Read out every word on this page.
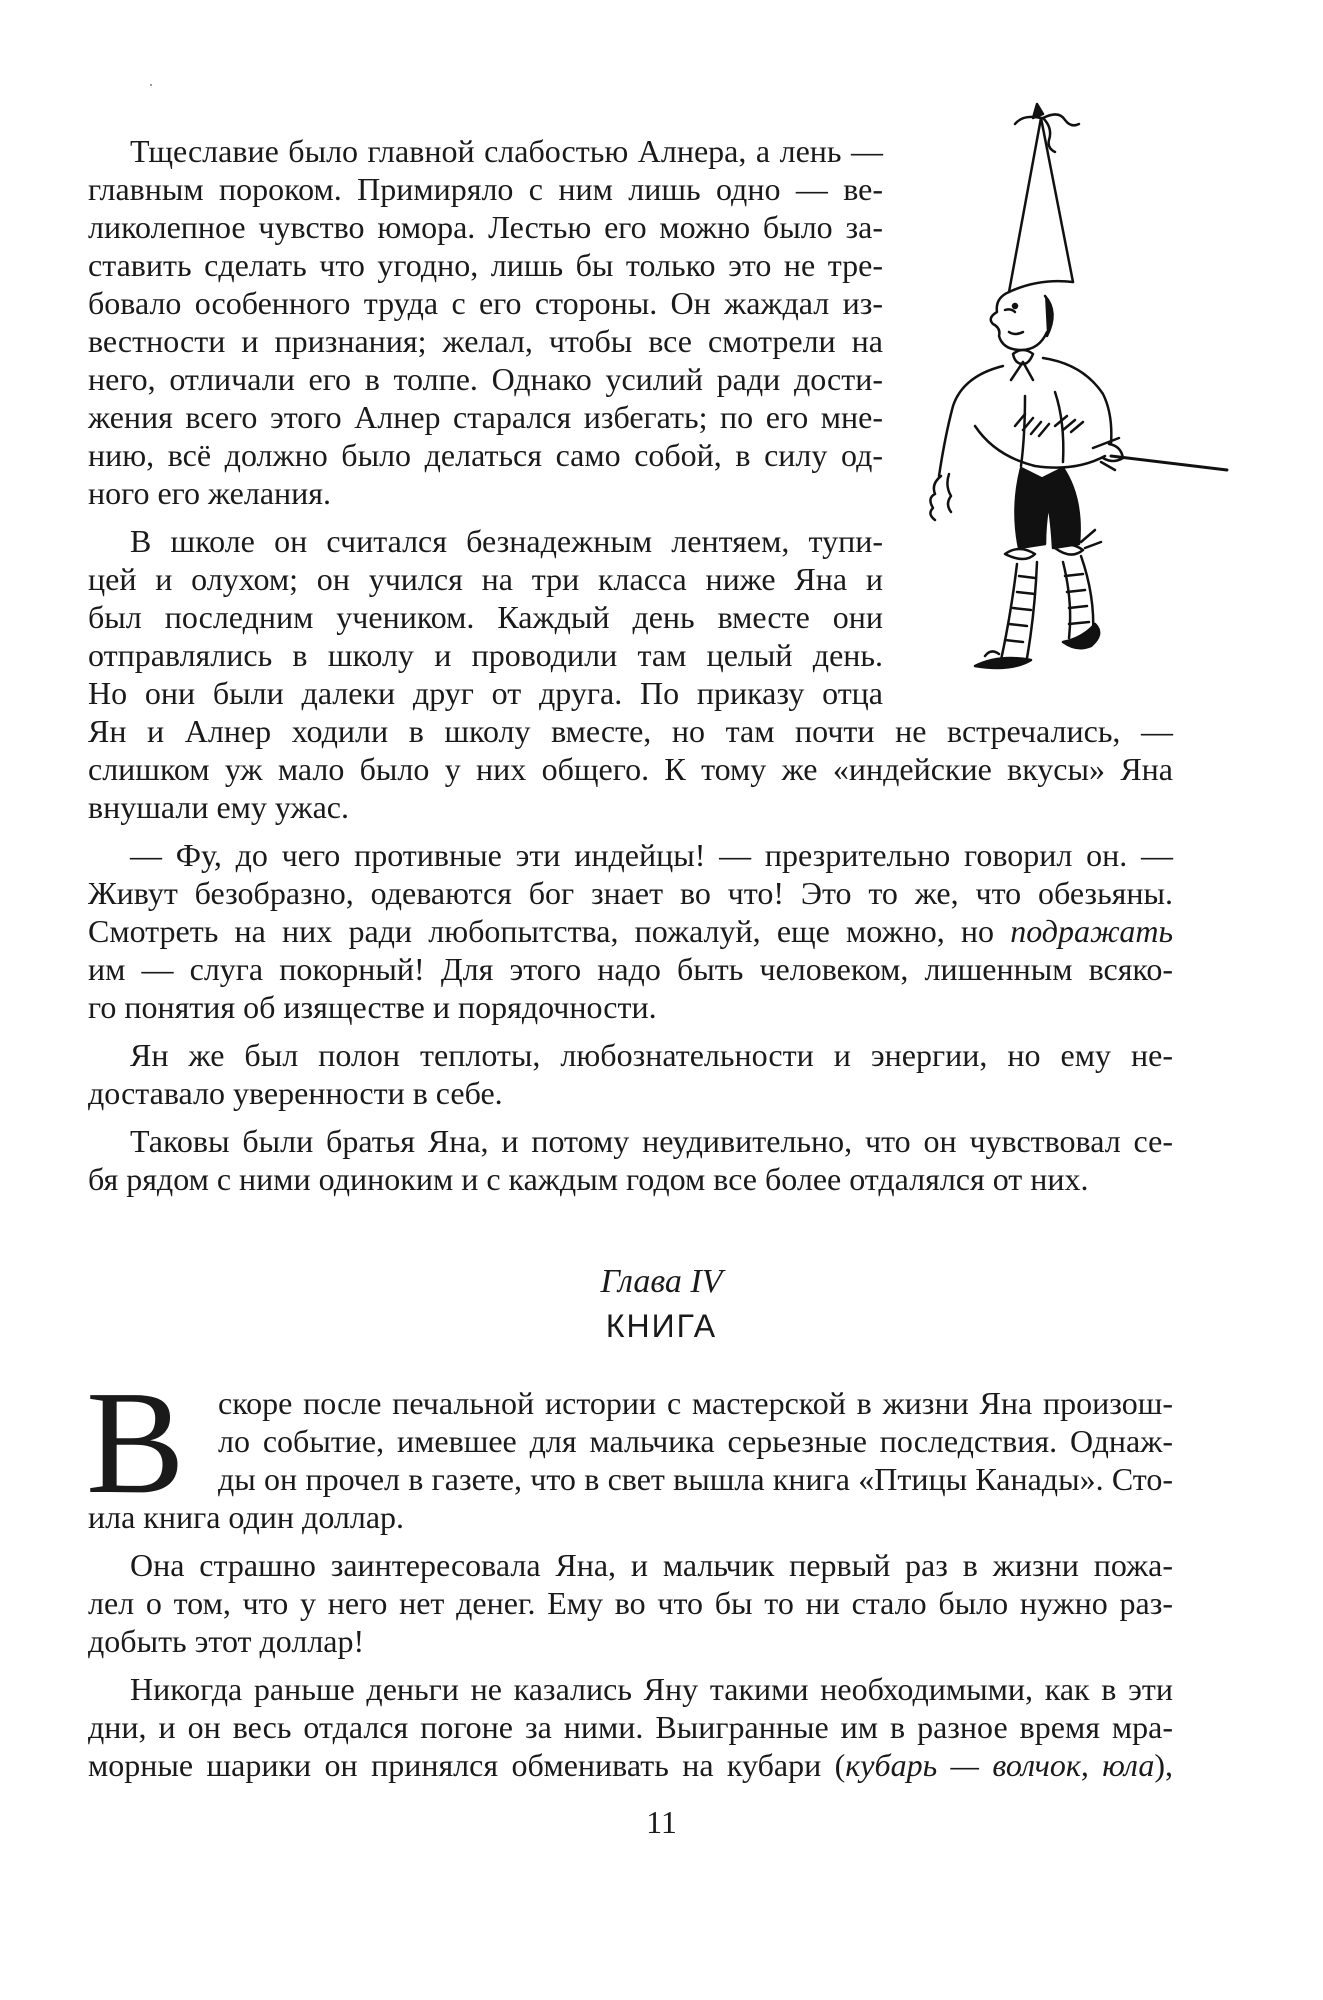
Тщеславие было главной слабостью Алнера, а лень —
главным пороком. Примиряло с ним лишь одно — ве-
ликолепное чувство юмора. Лестью его можно было за-
ставить сделать что угодно, лишь бы только это не тре-
бовало особенного труда с его стороны. Он жаждал из-
вестности и признания; желал, чтобы все смотрели на
него, отличали его в толпе. Однако усилий ради дости-
жения всего этого Алнер старался избегать; по его мне-
нию, всё должно было делаться само собой, в силу од-
ного его желания.
В школе он считался безнадежным лентяем, тупи-
цей и олухом; он учился на три класса ниже Яна и
был последним учеником. Каждый день вместе они
отправлялись в школу и проводили там целый день.
Но они были далеки друг от друга. По приказу отца
Ян и Алнер ходили в школу вместе, но там почти не встречались, —
слишком уж мало было у них общего. К тому же «индейские вкусы» Яна
внушали ему ужас.
— Фу, до чего противные эти индейцы! — презрительно говорил он. —
Живут безобразно, одеваются бог знает во что! Это то же, что обезьяны.
Смотреть на них ради любопытства, пожалуй, еще можно, но подражать
им — слуга покорный! Для этого надо быть человеком, лишенным всяко-
го понятия об изяществе и порядочности.
Ян же был полон теплоты, любознательности и энергии, но ему не-
доставало уверенности в себе.
Таковы были братья Яна, и потому неудивительно, что он чувствовал се-
бя рядом с ними одиноким и с каждым годом все более отдалялся от них.
Глава IV
КНИГА
В скоре после печальной истории с мастерской в жизни Яна произош-
ло событие, имевшее для мальчика серьезные последствия. Однаж-
ды он прочел в газете, что в свет вышла книга «Птицы Канады». Сто-
ила книга один доллар.
Она страшно заинтересовала Яна, и мальчик первый раз в жизни пожа-
лел о том, что у него нет денег. Ему во что бы то ни стало было нужно раз-
добыть этот доллар!
Никогда раньше деньги не казались Яну такими необходимыми, как в эти
дни, и он весь отдался погоне за ними. Выигранные им в разное время мра-
морные шарики он принялся обменивать на кубари (кубарь — волчок, юла),
11
